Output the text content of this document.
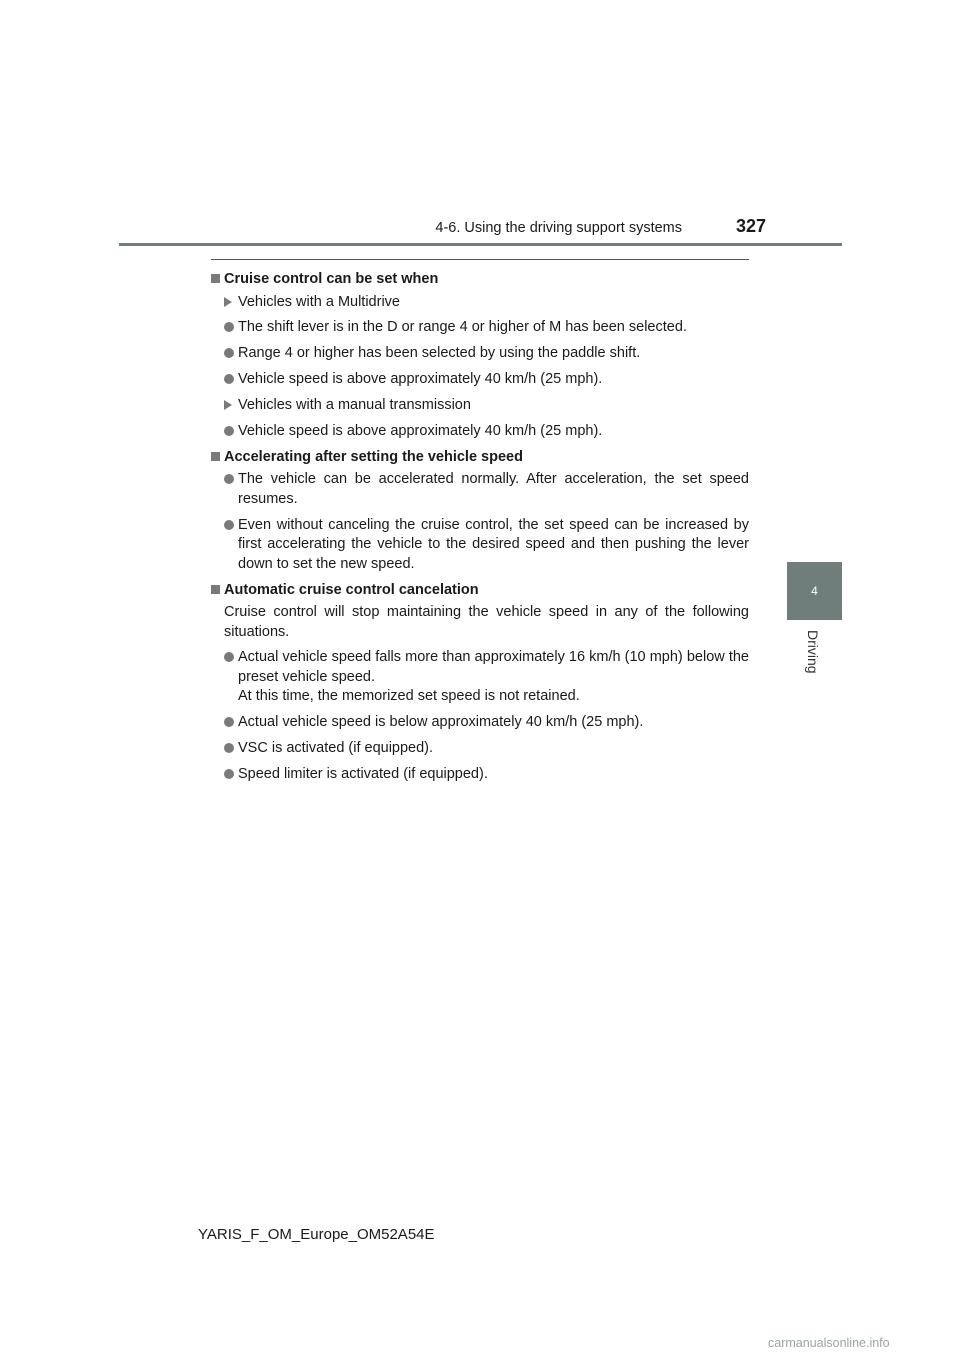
4-6. Using the driving support systems	327
4
Driving
Cruise control can be set when
Vehicles with a Multidrive
The shift lever is in the D or range 4 or higher of M has been selected.
Range 4 or higher has been selected by using the paddle shift.
Vehicle speed is above approximately 40 km/h (25 mph).
Vehicles with a manual transmission
Vehicle speed is above approximately 40 km/h (25 mph).
Accelerating after setting the vehicle speed
The vehicle can be accelerated normally. After acceleration, the set speed resumes.
Even without canceling the cruise control, the set speed can be increased by first accelerating the vehicle to the desired speed and then pushing the lever down to set the new speed.
Automatic cruise control cancelation
Cruise control will stop maintaining the vehicle speed in any of the following situations.
Actual vehicle speed falls more than approximately 16 km/h (10 mph) below the preset vehicle speed.
At this time, the memorized set speed is not retained.
Actual vehicle speed is below approximately 40 km/h (25 mph).
VSC is activated (if equipped).
Speed limiter is activated (if equipped).
YARIS_F_OM_Europe_OM52A54E
carmanualsonline.info
